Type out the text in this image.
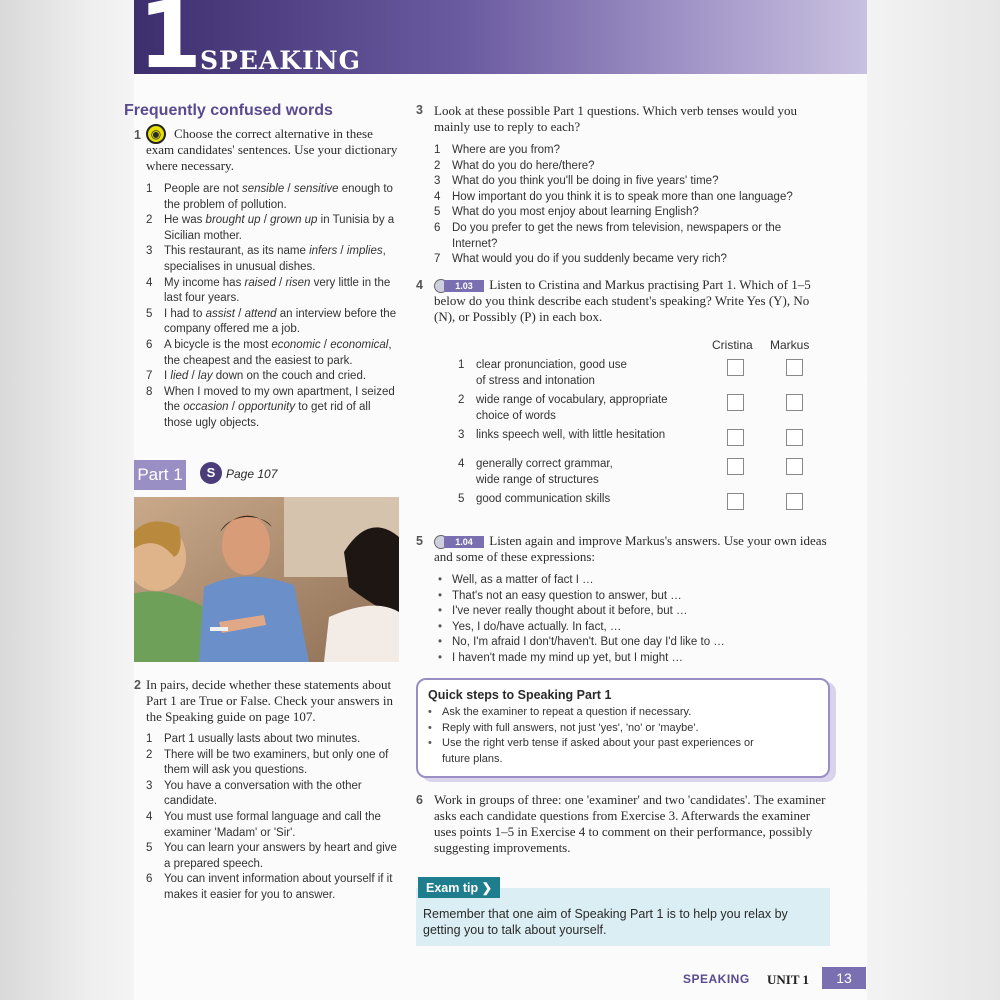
1 SPEAKING
Frequently confused words
1 ◉ Choose the correct alternative in these exam candidates' sentences. Use your dictionary where necessary.
1 People are not sensible / sensitive enough to the problem of pollution.
2 He was brought up / grown up in Tunisia by a Sicilian mother.
3 This restaurant, as its name infers / implies, specialises in unusual dishes.
4 My income has raised / risen very little in the last four years.
5 I had to assist / attend an interview before the company offered me a job.
6 A bicycle is the most economic / economical, the cheapest and the easiest to park.
7 I lied / lay down on the couch and cried.
8 When I moved to my own apartment, I seized the occasion / opportunity to get rid of all those ugly objects.
Part 1	S Page 107
2 In pairs, decide whether these statements about Part 1 are True or False. Check your answers in the Speaking guide on page 107.
1 Part 1 usually lasts about two minutes.
2 There will be two examiners, but only one of them will ask you questions.
3 You have a conversation with the other candidate.
4 You must use formal language and call the examiner 'Madam' or 'Sir'.
5 You can learn your answers by heart and give a prepared speech.
6 You can invent information about yourself if it makes it easier for you to answer.
3 Look at these possible Part 1 questions. Which verb tenses would you mainly use to reply to each?
1 Where are you from?
2 What do you do here/there?
3 What do you think you'll be doing in five years' time?
4 How important do you think it is to speak more than one language?
5 What do you most enjoy about learning English?
6 Do you prefer to get the news from television, newspapers or the Internet?
7 What would you do if you suddenly became very rich?
4	1.03	Listen to Cristina and Markus practising Part 1. Which of 1–5 below do you think describe each student's speaking? Write Yes (Y), No (N), or Possibly (P) in each box.
Cristina Markus
1 clear pronunciation, good use
of stress and intonation
2 wide range of vocabulary, appropriate
choice of words
3 links speech well, with little hesitation
4 generally correct grammar,
wide range of structures
5 good communication skills
5	1.04	Listen again and improve Markus's answers. Use your own ideas and some of these expressions:
• Well, as a matter of fact I …
• That's not an easy question to answer, but …
• I've never really thought about it before, but …
• Yes, I do/have actually. In fact, …
• No, I'm afraid I don't/haven't. But one day I'd like to …
• I haven't made my mind up yet, but I might …
Quick steps to Speaking Part 1
• Ask the examiner to repeat a question if necessary.
• Reply with full answers, not just 'yes', 'no' or 'maybe'.
• Use the right verb tense if asked about your past experiences or future plans.
6 Work in groups of three: one 'examiner' and two 'candidates'. The examiner asks each candidate questions from Exercise 3. Afterwards the examiner uses points 1–5 in Exercise 4 to comment on their performance, possibly suggesting improvements.
Remember that one aim of Speaking Part 1 is to help you relax by getting you to talk about yourself.
Exam tip ❯
SPEAKING UNIT 1	13
